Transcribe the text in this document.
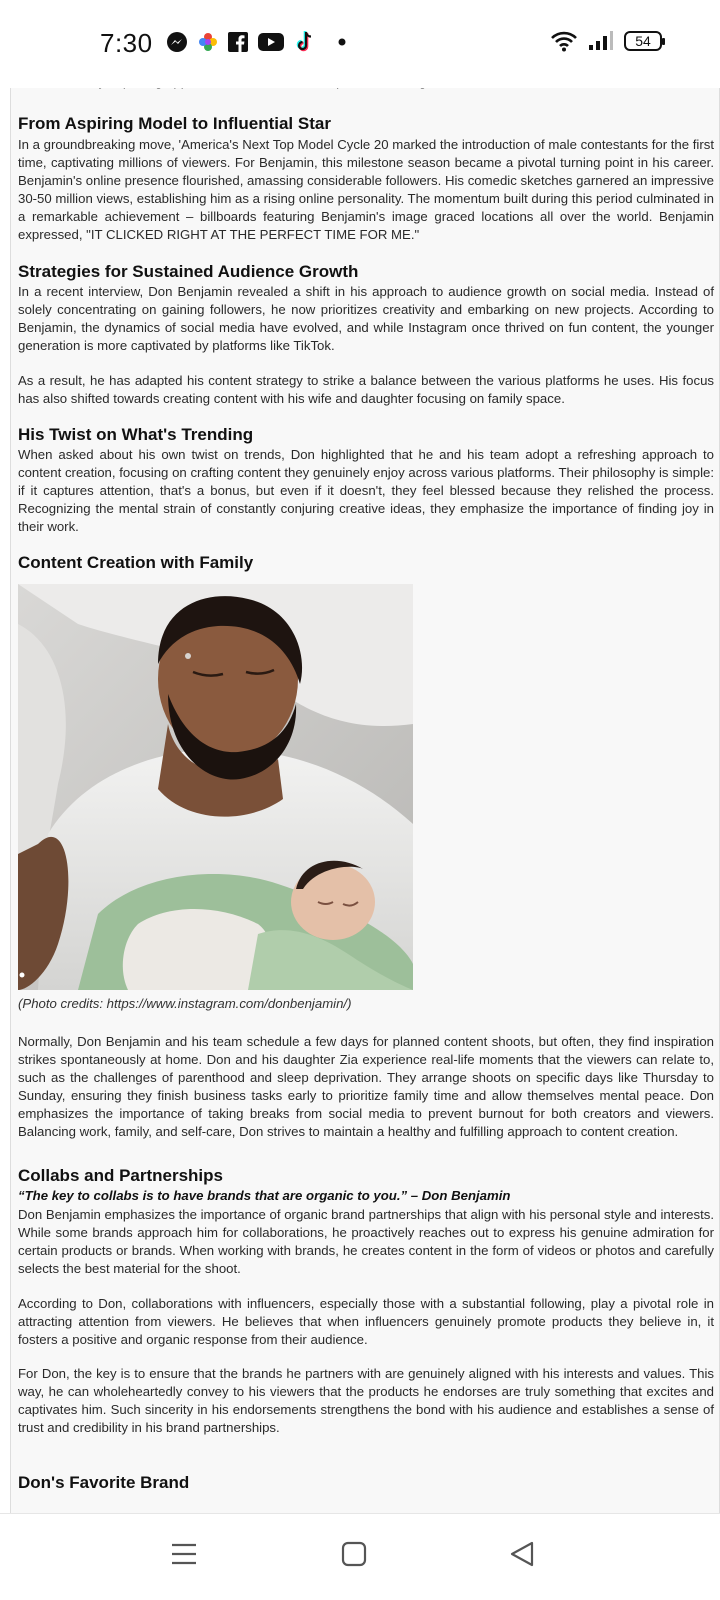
7:30	54
From Aspiring Model to Influential Star
In a groundbreaking move, 'America's Next Top Model Cycle 20 marked the introduction of male contestants for the first time, captivating millions of viewers. For Benjamin, this milestone season became a pivotal turning point in his career. Benjamin's online presence flourished, amassing considerable followers. His comedic sketches garnered an impressive 30-50 million views, establishing him as a rising online personality. The momentum built during this period culminated in a remarkable achievement – billboards featuring Benjamin's image graced locations all over the world. Benjamin expressed, "IT CLICKED RIGHT AT THE PERFECT TIME FOR ME."
Strategies for Sustained Audience Growth
In a recent interview, Don Benjamin revealed a shift in his approach to audience growth on social media. Instead of solely concentrating on gaining followers, he now prioritizes creativity and embarking on new projects. According to Benjamin, the dynamics of social media have evolved, and while Instagram once thrived on fun content, the younger generation is more captivated by platforms like TikTok.
As a result, he has adapted his content strategy to strike a balance between the various platforms he uses. His focus has also shifted towards creating content with his wife and daughter focusing on family space.
His Twist on What's Trending
When asked about his own twist on trends, Don highlighted that he and his team adopt a refreshing approach to content creation, focusing on crafting content they genuinely enjoy across various platforms. Their philosophy is simple: if it captures attention, that's a bonus, but even if it doesn't, they feel blessed because they relished the process. Recognizing the mental strain of constantly conjuring creative ideas, they emphasize the importance of finding joy in their work.
Content Creation with Family
(Photo credits: https://www.instagram.com/donbenjamin/)
Normally, Don Benjamin and his team schedule a few days for planned content shoots, but often, they find inspiration strikes spontaneously at home. Don and his daughter Zia experience real-life moments that the viewers can relate to, such as the challenges of parenthood and sleep deprivation. They arrange shoots on specific days like Thursday to Sunday, ensuring they finish business tasks early to prioritize family time and allow themselves mental peace. Don emphasizes the importance of taking breaks from social media to prevent burnout for both creators and viewers. Balancing work, family, and self-care, Don strives to maintain a healthy and fulfilling approach to content creation.
Collabs and Partnerships
“The key to collabs is to have brands that are organic to you.” – Don Benjamin
Don Benjamin emphasizes the importance of organic brand partnerships that align with his personal style and interests. While some brands approach him for collaborations, he proactively reaches out to express his genuine admiration for certain products or brands. When working with brands, he creates content in the form of videos or photos and carefully selects the best material for the shoot.
According to Don, collaborations with influencers, especially those with a substantial following, play a pivotal role in attracting attention from viewers. He believes that when influencers genuinely promote products they believe in, it fosters a positive and organic response from their audience.
For Don, the key is to ensure that the brands he partners with are genuinely aligned with his interests and values. This way, he can wholeheartedly convey to his viewers that the products he endorses are truly something that excites and captivates him. Such sincerity in his endorsements strengthens the bond with his audience and establishes a sense of trust and credibility in his brand partnerships.
Don's Favorite Brand
